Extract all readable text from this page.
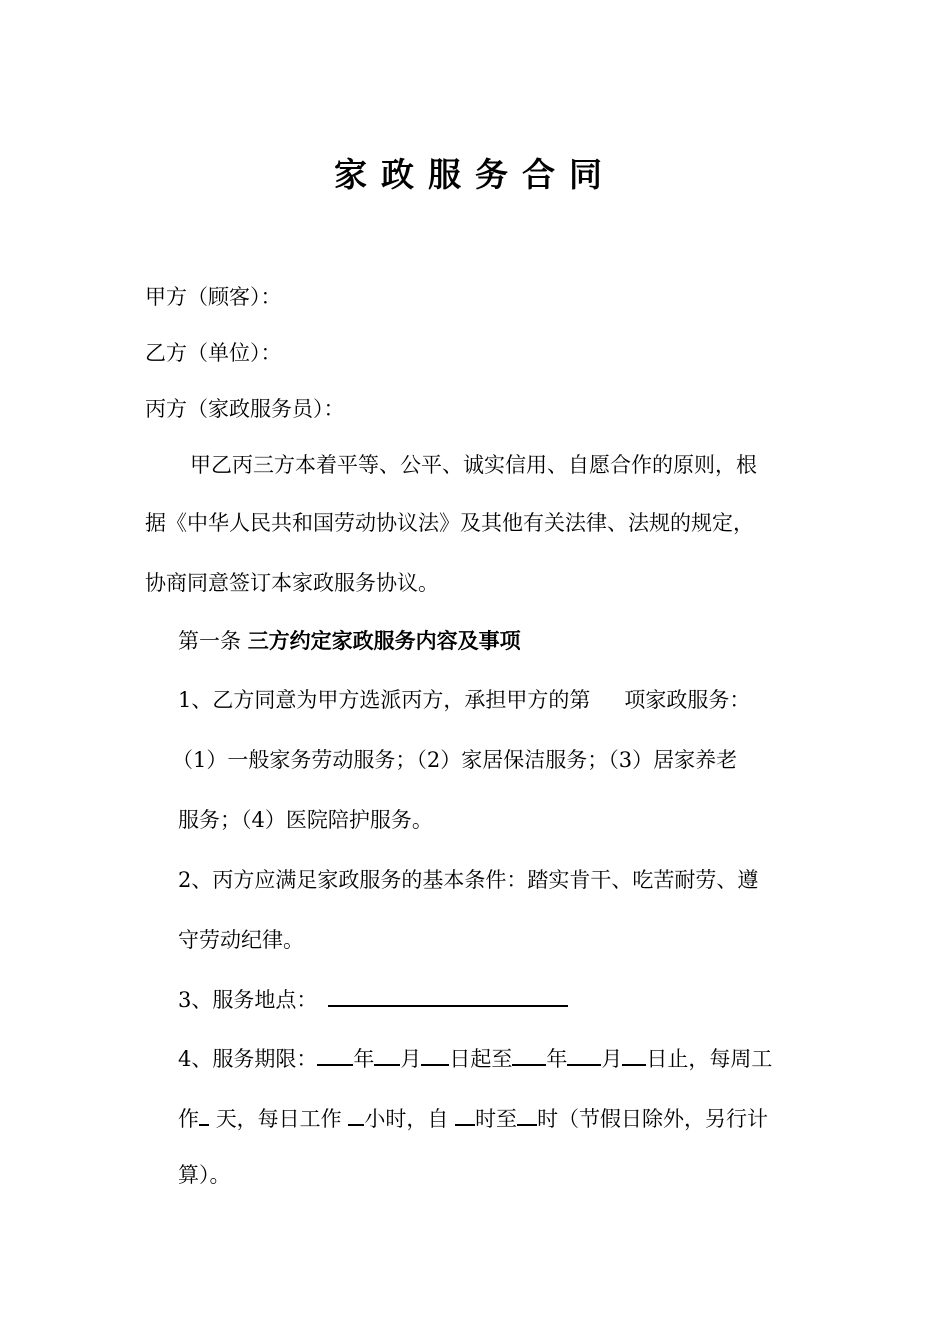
家政服务合同
甲方（顾客）：
乙方（单位）：
丙方（家政服务员）：
甲乙丙三方本着平等、公平、诚实信用、自愿合作的原则，根
据《中华人民共和国劳动协议法》及其他有关法律、法规的规定，
协商同意签订本家政服务协议。
第一条 三方约定家政服务内容及事项
1、乙方同意为甲方选派丙方，承担甲方的第 项家政服务：
（1）一般家务劳动服务；（2）家居保洁服务；（3）居家养老
服务；（4）医院陪护服务。
2、丙方应满足家政服务的基本条件：踏实肯干、吃苦耐劳、遵
守劳动纪律。
3、服务地点：
4、服务期限： 年 月 日起至 年 月 日止，每周工
作 天，每日工作 小时，自 时至 时（节假日除外，另行计
算）。
